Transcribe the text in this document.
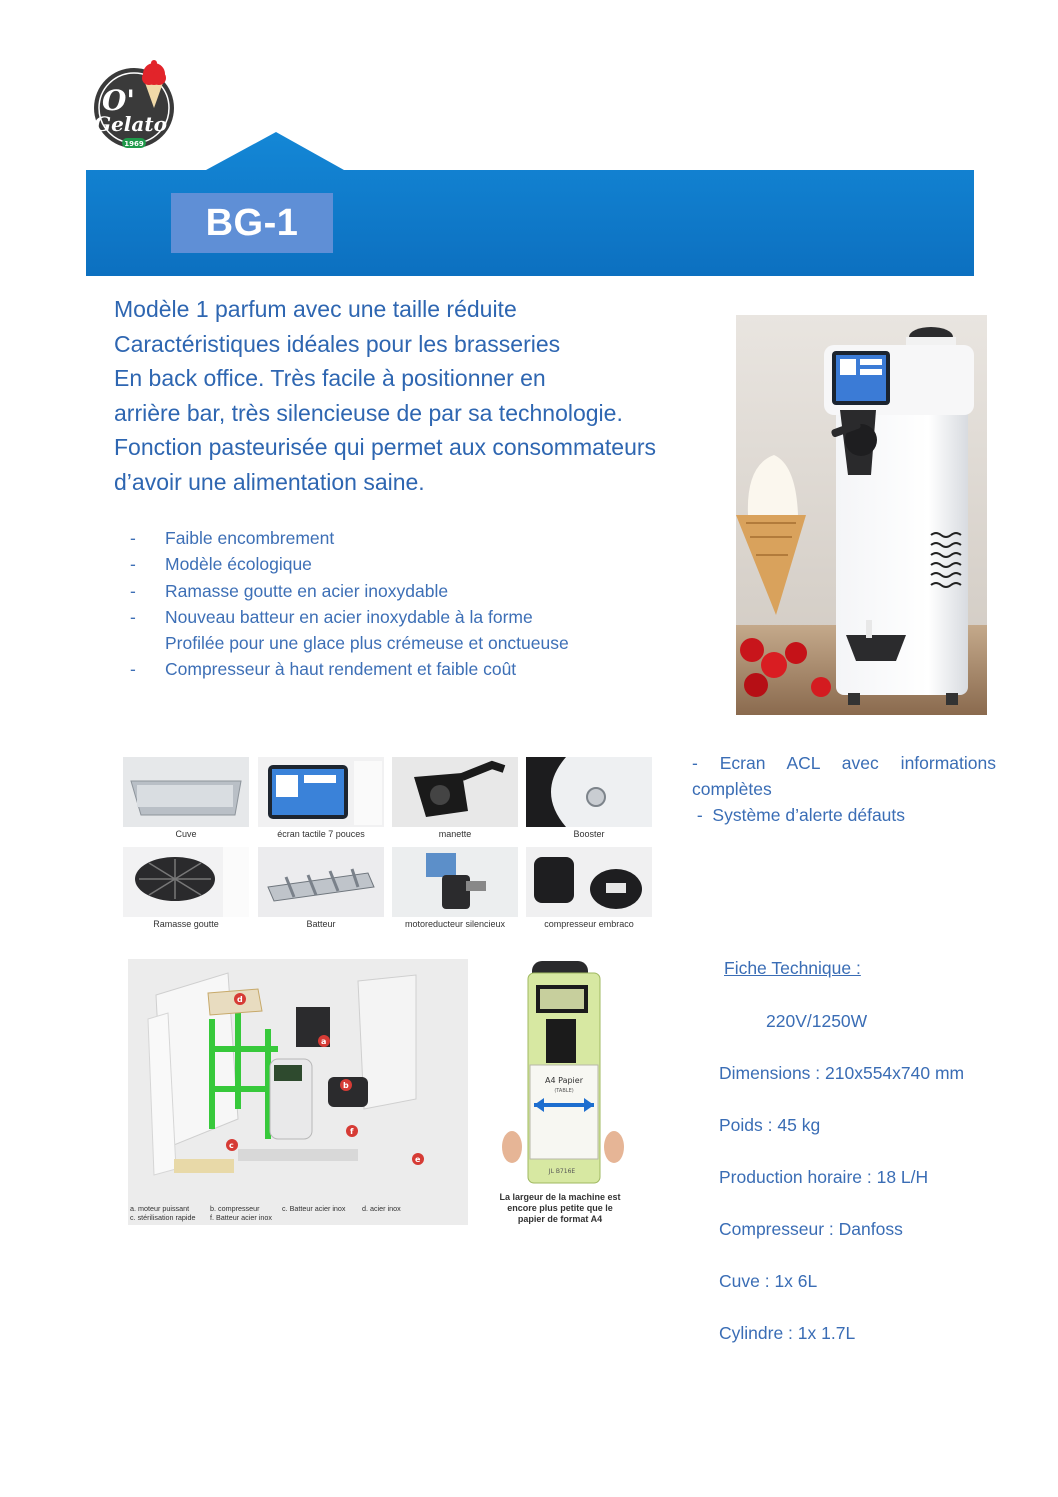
O'
Gelato
1969
BG-1
Modèle 1 parfum avec une taille réduite
Caractéristiques idéales pour les brasseries
En back office. Très facile à positionner en
arrière bar, très silencieuse de par sa technologie.
Fonction pasteurisée qui permet aux consommateurs
d’avoir une alimentation saine.
- Faible encombrement
- Modèle écologique
- Ramasse goutte en acier inoxydable
- Nouveau batteur en acier inoxydable à la forme
Profilée pour une glace plus crémeuse et onctueuse
- Compresseur à haut rendement et faible coût
Cuve	écran tactile 7 pouces	manette	Booster
Ramasse goutte	Batteur	motoreducteur silencieux	compresseur embraco
- Ecran ACL avec informations
complètes
-  Système d’alerte défauts
d
a
b
c
e
f
a. moteur puissant	b. compresseur	c. Batteur acier inox d. acier inox
c. stérilisation rapide f. Batteur acier inox
A4 Papier
(TABLE)
JL B716E
La largeur de la machine est
encore plus petite que le
papier de format A4
Fiche Technique :
220V/1250W
Dimensions : 210x554x740 mm
Poids : 45 kg
Production horaire : 18 L/H
Compresseur : Danfoss
Cuve : 1x 6L
Cylindre : 1x 1.7L
